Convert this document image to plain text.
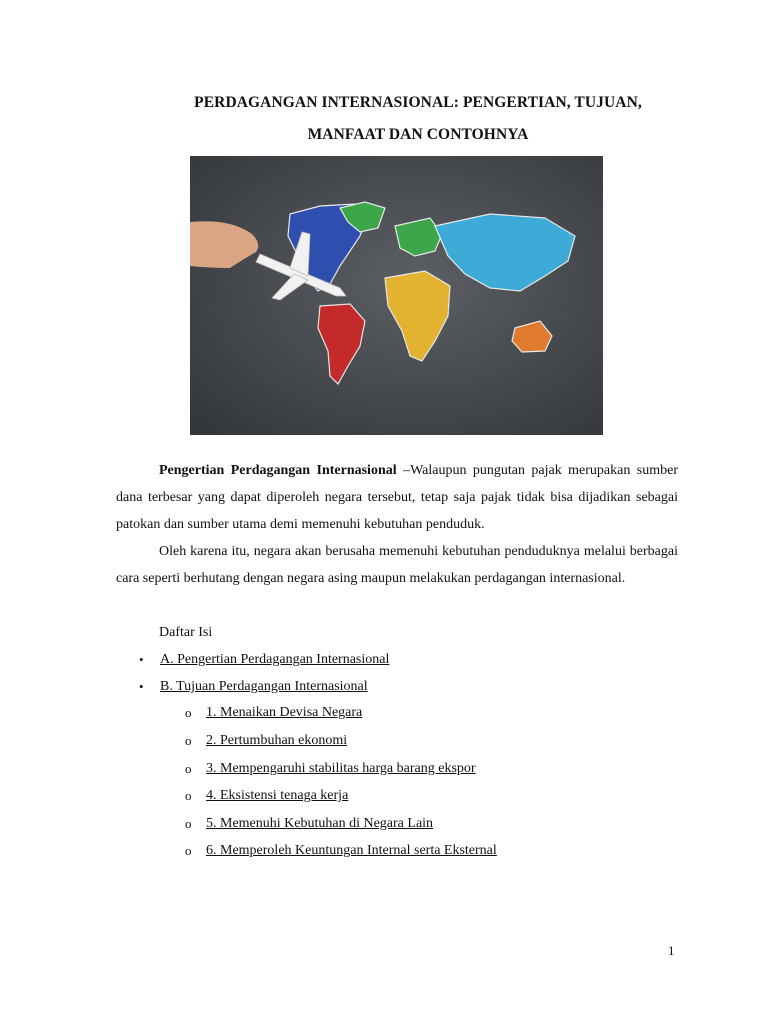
PERDAGANGAN INTERNASIONAL: PENGERTIAN, TUJUAN,
MANFAAT DAN CONTOHNYA

Pengertian Perdagangan Internasional –Walaupun pungutan pajak merupakan sumber dana terbesar yang dapat diperoleh negara tersebut, tetap saja pajak tidak bisa dijadikan sebagai patokan dan sumber utama demi memenuhi kebutuhan penduduk.

Oleh karena itu, negara akan berusaha memenuhi kebutuhan penduduknya melalui berbagai cara seperti berhutang dengan negara asing maupun melakukan perdagangan internasional.

Daftar Isi
• A. Pengertian Perdagangan Internasional
• B. Tujuan Perdagangan Internasional
o 1. Menaikan Devisa Negara
o 2. Pertumbuhan ekonomi
o 3. Mempengaruhi stabilitas harga barang ekspor
o 4. Eksistensi tenaga kerja
o 5. Memenuhi Kebutuhan di Negara Lain
o 6. Memperoleh Keuntungan Internal serta Eksternal
1
